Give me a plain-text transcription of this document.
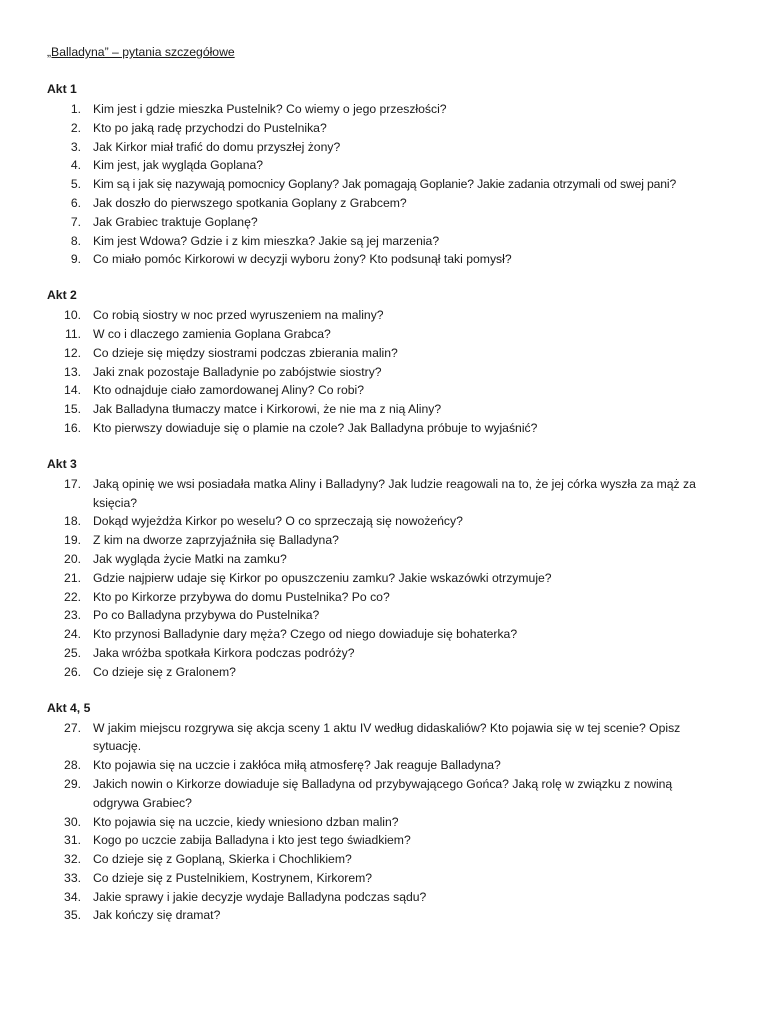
„Balladyna” – pytania szczegółowe
Akt 1
1. Kim jest i gdzie mieszka Pustelnik? Co wiemy o jego przeszłości?
2. Kto po jaką radę przychodzi do Pustelnika?
3. Jak Kirkor miał trafić do domu przyszłej żony?
4. Kim jest, jak wygląda Goplana?
5. Kim są i jak się nazywają pomocnicy Goplany? Jak pomagają Goplanie? Jakie zadania otrzymali od swej pani?
6. Jak doszło do pierwszego spotkania Goplany z Grabcem?
7. Jak Grabiec traktuje Goplanę?
8. Kim jest Wdowa? Gdzie i z kim mieszka? Jakie są jej marzenia?
9. Co miało pomóc Kirkorowi w decyzji wyboru żony? Kto podsunął taki pomysł?
Akt 2
10. Co robią siostry w noc przed wyruszeniem na maliny?
11. W co i dlaczego zamienia Goplana Grabca?
12. Co dzieje się między siostrami podczas zbierania malin?
13. Jaki znak pozostaje Balladynie po zabójstwie siostry?
14. Kto odnajduje ciało zamordowanej Aliny? Co robi?
15. Jak Balladyna tłumaczy matce i Kirkorowi, że nie ma z nią Aliny?
16. Kto pierwszy dowiaduje się o plamie na czole? Jak Balladyna próbuje to wyjaśnić?
Akt 3
17. Jaką opinię we wsi posiadała matka Aliny i Balladyny? Jak ludzie reagowali na to, że jej córka wyszła za mąż za księcia?
18. Dokąd wyjeżdża Kirkor po weselu? O co sprzeczają się nowożeńcy?
19. Z kim na dworze zaprzyjaźniła się Balladyna?
20. Jak wygląda życie Matki na zamku?
21. Gdzie najpierw udaje się Kirkor po opuszczeniu zamku? Jakie wskazówki otrzymuje?
22. Kto po Kirkorze przybywa do domu Pustelnika? Po co?
23. Po co Balladyna przybywa do Pustelnika?
24. Kto przynosi Balladynie dary męża? Czego od niego dowiaduje się bohaterka?
25. Jaka wróżba spotkała Kirkora podczas podróży?
26. Co dzieje się z Gralonem?
Akt 4, 5
27. W jakim miejscu rozgrywa się akcja sceny 1 aktu IV według didaskaliów? Kto pojawia się w tej scenie? Opisz sytuację.
28. Kto pojawia się na uczcie i zakłóca miłą atmosferę? Jak reaguje Balladyna?
29. Jakich nowin o Kirkorze dowiaduje się Balladyna od przybywającego Gońca? Jaką rolę w związku z nowiną odgrywa Grabiec?
30. Kto pojawia się na uczcie, kiedy wniesiono dzban malin?
31. Kogo po uczcie zabija Balladyna i kto jest tego świadkiem?
32. Co dzieje się z Goplaną, Skierka i Chochlikiem?
33. Co dzieje się z Pustelnikiem, Kostrynem, Kirkorem?
34. Jakie sprawy i jakie decyzje wydaje Balladyna podczas sądu?
35. Jak kończy się dramat?
